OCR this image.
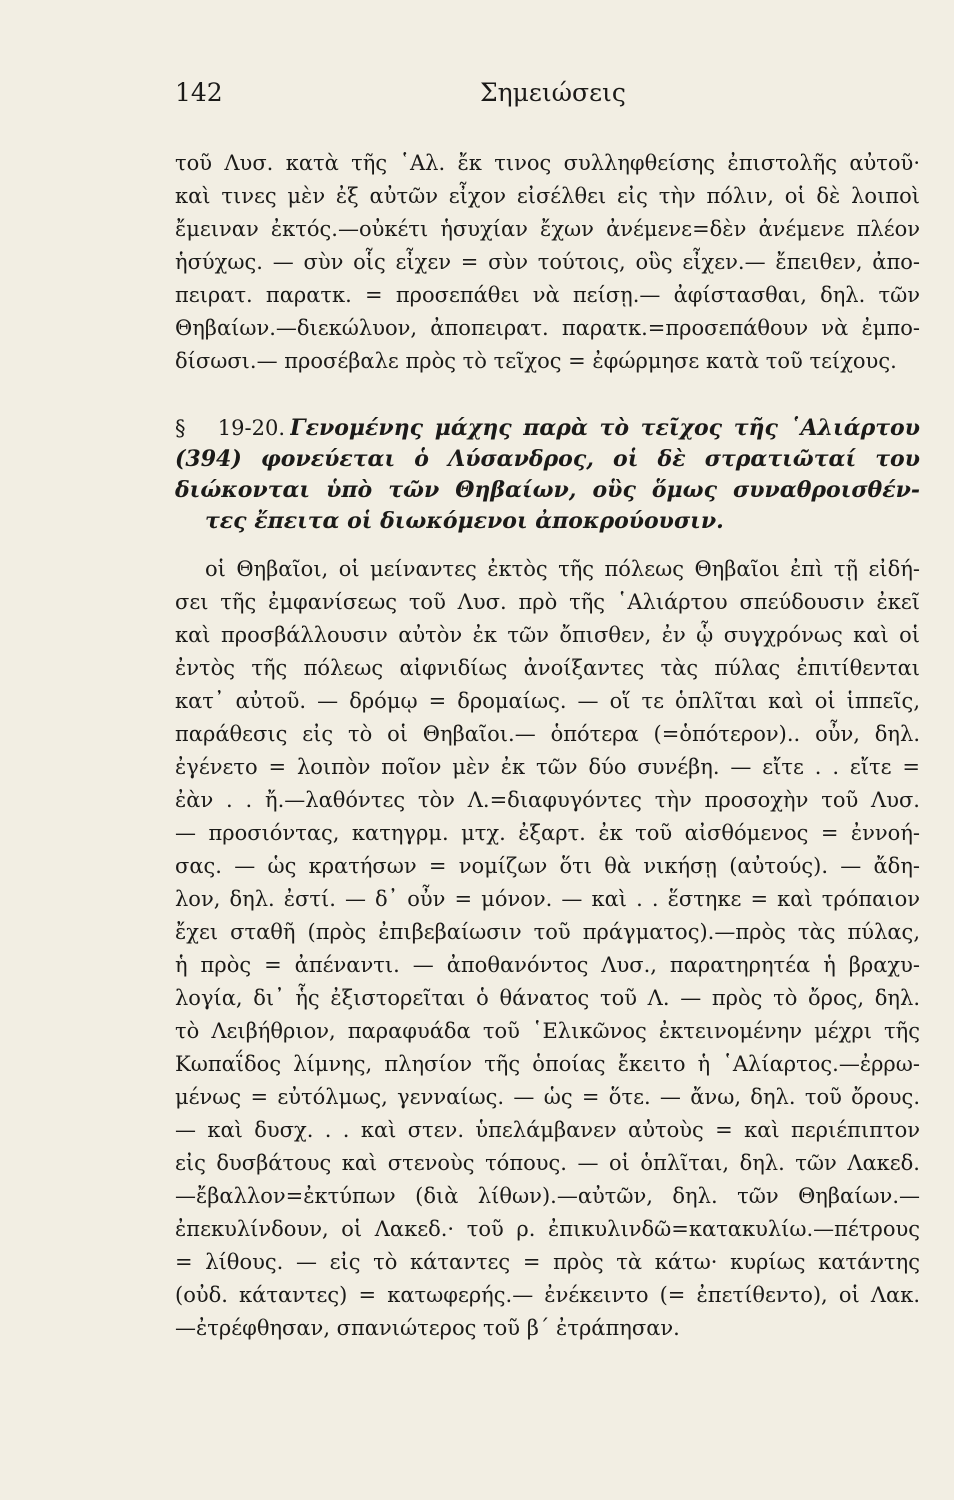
142	Σημειώσεις
τοῦ Λυσ. κατὰ τῆς ῾Αλ. ἔκ τινος συλληφθείσης ἐπιστολῆς αὐτοῦ·
καὶ τινες μὲν ἐξ αὐτῶν εἶχον εἰσέλθει εἰς τὴν πόλιν, οἱ δὲ λοιποὶ
ἔμειναν ἐκτός.—οὐκέτι ἡσυχίαν ἔχων ἀνέμενε=δὲν ἀνέμενε πλέον
ἡσύχως. — σὺν οἷς εἶχεν = σὺν τούτοις, οὓς εἶχεν.— ἔπειθεν, ἀπο-
πειρατ. παρατκ. = προσεπάθει νὰ πείσῃ.— ἀφίστασθαι, δηλ. τῶν
Θηβαίων.—διεκώλυον, ἀποπειρατ. παρατκ.=προσεπάθουν νὰ ἐμπο-
δίσωσι.— προσέβαλε πρὸς τὸ τεῖχος = ἐφώρμησε κατὰ τοῦ τείχους.
§ 19-20. Γενομένης μάχης παρὰ τὸ τεῖχος τῆς ῾Αλιάρτου
(394) φονεύεται ὁ Λύσανδρος, οἱ δὲ στρατιῶταί του
διώκονται ὑπὸ τῶν Θηβαίων, οὓς ὅμως συναθροισθέν-
τες ἔπειτα οἱ διωκόμενοι ἀποκρούουσιν.
οἱ Θηβαῖοι, οἱ μείναντες ἐκτὸς τῆς πόλεως Θηβαῖοι ἐπὶ τῇ εἰδή-
σει τῆς ἐμφανίσεως τοῦ Λυσ. πρὸ τῆς ῾Αλιάρτου σπεύδουσιν ἐκεῖ
καὶ προσβάλλουσιν αὐτὸν ἐκ τῶν ὄπισθεν, ἐν ᾧ συγχρόνως καὶ οἱ
ἐντὸς τῆς πόλεως αἰφνιδίως ἀνοίξαντες τὰς πύλας ἐπιτίθενται
κατ᾽ αὐτοῦ. — δρόμῳ = δρομαίως. — οἵ τε ὁπλῖται καὶ οἱ ἱππεῖς,
παράθεσις εἰς τὸ οἱ Θηβαῖοι.— ὁπότερα (=ὁπότερον).. οὖν, δηλ.
ἐγένετο = λοιπὸν ποῖον μὲν ἐκ τῶν δύο συνέβη. — εἴτε . . εἴτε =
ἐὰν . . ἤ.—λαθόντες τὸν Λ.=διαφυγόντες τὴν προσοχὴν τοῦ Λυσ.
— προσιόντας, κατηγρμ. μτχ. ἐξαρτ. ἐκ τοῦ αἰσθόμενος = ἐννοή-
σας. — ὡς κρατήσων = νομίζων ὅτι θὰ νικήσῃ (αὐτούς). — ἄδη-
λον, δηλ. ἐστί. — δ᾽ οὖν = μόνον. — καὶ . . ἕστηκε = καὶ τρόπαιον
ἔχει σταθῆ (πρὸς ἐπιβεβαίωσιν τοῦ πράγματος).—πρὸς τὰς πύλας,
ἡ πρὸς = ἀπέναντι. — ἀποθανόντος Λυσ., παρατηρητέα ἡ βραχυ-
λογία, δι᾽ ἧς ἐξιστορεῖται ὁ θάνατος τοῦ Λ. — πρὸς τὸ ὄρος, δηλ.
τὸ Λειβήθριον, παραφυάδα τοῦ ῾Ελικῶνος ἐκτεινομένην μέχρι τῆς
Κωπαΐδος λίμνης, πλησίον τῆς ὁποίας ἔκειτο ἡ ῾Αλίαρτος.—ἐρρω-
μένως = εὐτόλμως, γενναίως. — ὡς = ὅτε. — ἄνω, δηλ. τοῦ ὄρους.
— καὶ δυσχ. . . καὶ στεν. ὑπελάμβανεν αὐτοὺς = καὶ περιέπιπτον
εἰς δυσβάτους καὶ στενοὺς τόπους. — οἱ ὁπλῖται, δηλ. τῶν Λακεδ.
—ἔβαλλον=ἐκτύπων (διὰ λίθων).—αὐτῶν, δηλ. τῶν Θηβαίων.—
ἐπεκυλίνδουν, οἱ Λακεδ.· τοῦ ρ. ἐπικυλινδῶ=κατακυλίω.—πέτρους
= λίθους. — εἰς τὸ κάταντες = πρὸς τὰ κάτω· κυρίως κατάντης
(οὐδ. κάταντες) = κατωφερής.— ἐνέκειντο (= ἐπετίθεντο), οἱ Λακ.
—ἐτρέφθησαν, σπανιώτερος τοῦ β΄ ἐτράπησαν.
